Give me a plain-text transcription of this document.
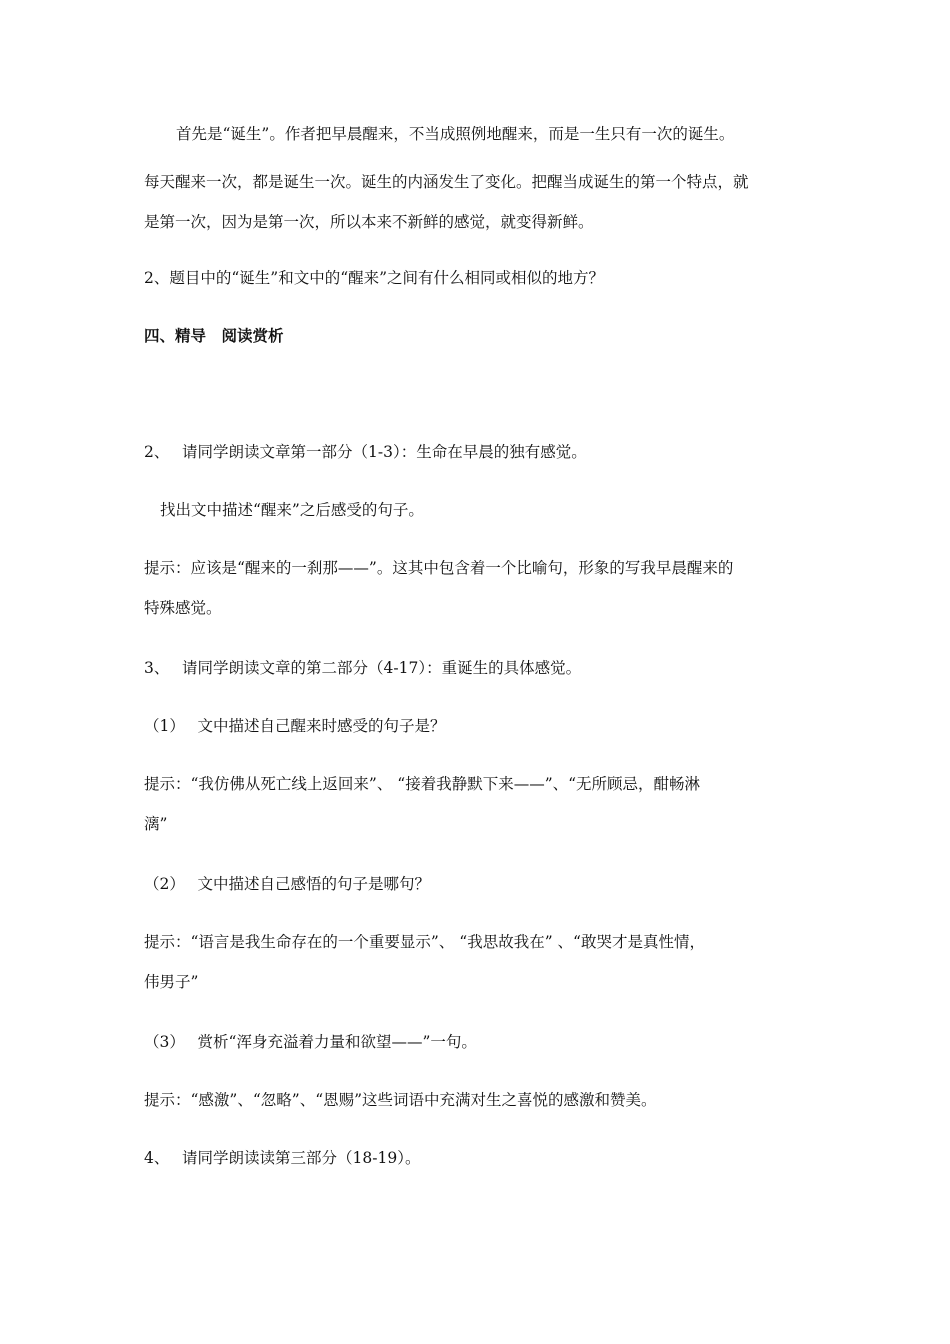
首先是“诞生”。作者把早晨醒来，不当成照例地醒来，而是一生只有一次的诞生。

每天醒来一次，都是诞生一次。诞生的内涵发生了变化。把醒当成诞生的第一个特点，就

是第一次，因为是第一次，所以本来不新鲜的感觉，就变得新鲜。

2、题目中的“诞生”和文中的“醒来”之间有什么相同或相似的地方？

四、精导　阅读赏析

2、　 请同学朗读文章第一部分（1-3）：生命在早晨的独有感觉。

找出文中描述“醒来”之后感受的句子。

提示：应该是“醒来的一刹那——”。这其中包含着一个比喻句，形象的写我早晨醒来的

特殊感觉。

3、　 请同学朗读文章的第二部分（4-17）：重诞生的具体感觉。

（1）　 文中描述自己醒来时感受的句子是？

提示：“我仿佛从死亡线上返回来”、 “接着我静默下来——”、“无所顾忌，酣畅淋

漓”

（2）　 文中描述自己感悟的句子是哪句？

提示：“语言是我生命存在的一个重要显示”、 “我思故我在” 、“敢哭才是真性情，

伟男子”

（3）　 赏析“浑身充溢着力量和欲望——”一句。

提示：“感激”、“忽略”、“恩赐”这些词语中充满对生之喜悦的感激和赞美。

4、　 请同学朗读读第三部分（18-19）。
